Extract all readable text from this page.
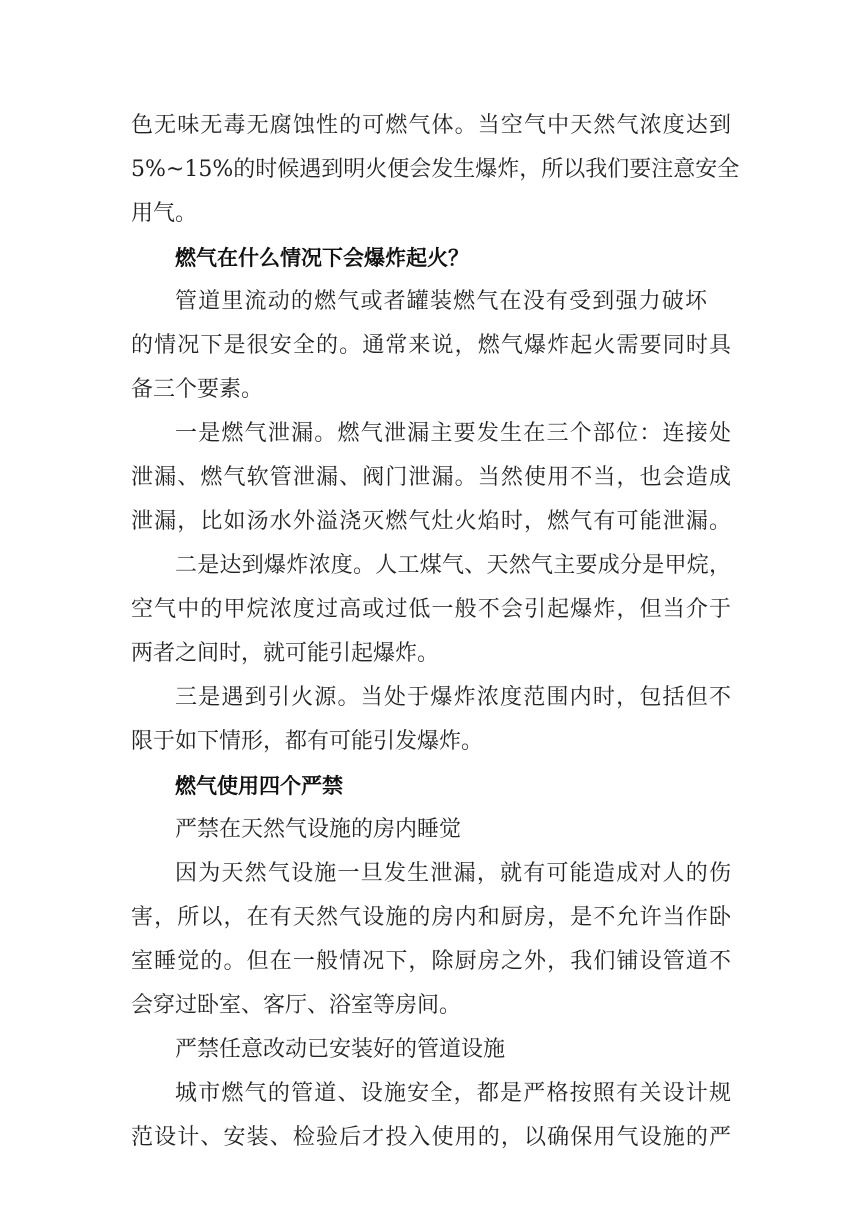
色无味无毒无腐蚀性的可燃气体。当空气中天然气浓度达到
5%~15%的时候遇到明火便会发生爆炸，所以我们要注意安全
用气。
燃气在什么情况下会爆炸起火？
管道里流动的燃气或者罐装燃气在没有受到强力破坏
的情况下是很安全的。通常来说，燃气爆炸起火需要同时具
备三个要素。
一是燃气泄漏。燃气泄漏主要发生在三个部位：连接处
泄漏、燃气软管泄漏、阀门泄漏。当然使用不当，也会造成
泄漏，比如汤水外溢浇灭燃气灶火焰时，燃气有可能泄漏。
二是达到爆炸浓度。人工煤气、天然气主要成分是甲烷，
空气中的甲烷浓度过高或过低一般不会引起爆炸，但当介于
两者之间时，就可能引起爆炸。
三是遇到引火源。当处于爆炸浓度范围内时，包括但不
限于如下情形，都有可能引发爆炸。
燃气使用四个严禁
严禁在天然气设施的房内睡觉
因为天然气设施一旦发生泄漏，就有可能造成对人的伤
害，所以，在有天然气设施的房内和厨房，是不允许当作卧
室睡觉的。但在一般情况下，除厨房之外，我们铺设管道不
会穿过卧室、客厅、浴室等房间。
严禁任意改动已安装好的管道设施
城市燃气的管道、设施安全，都是严格按照有关设计规
范设计、安装、检验后才投入使用的，以确保用气设施的严
